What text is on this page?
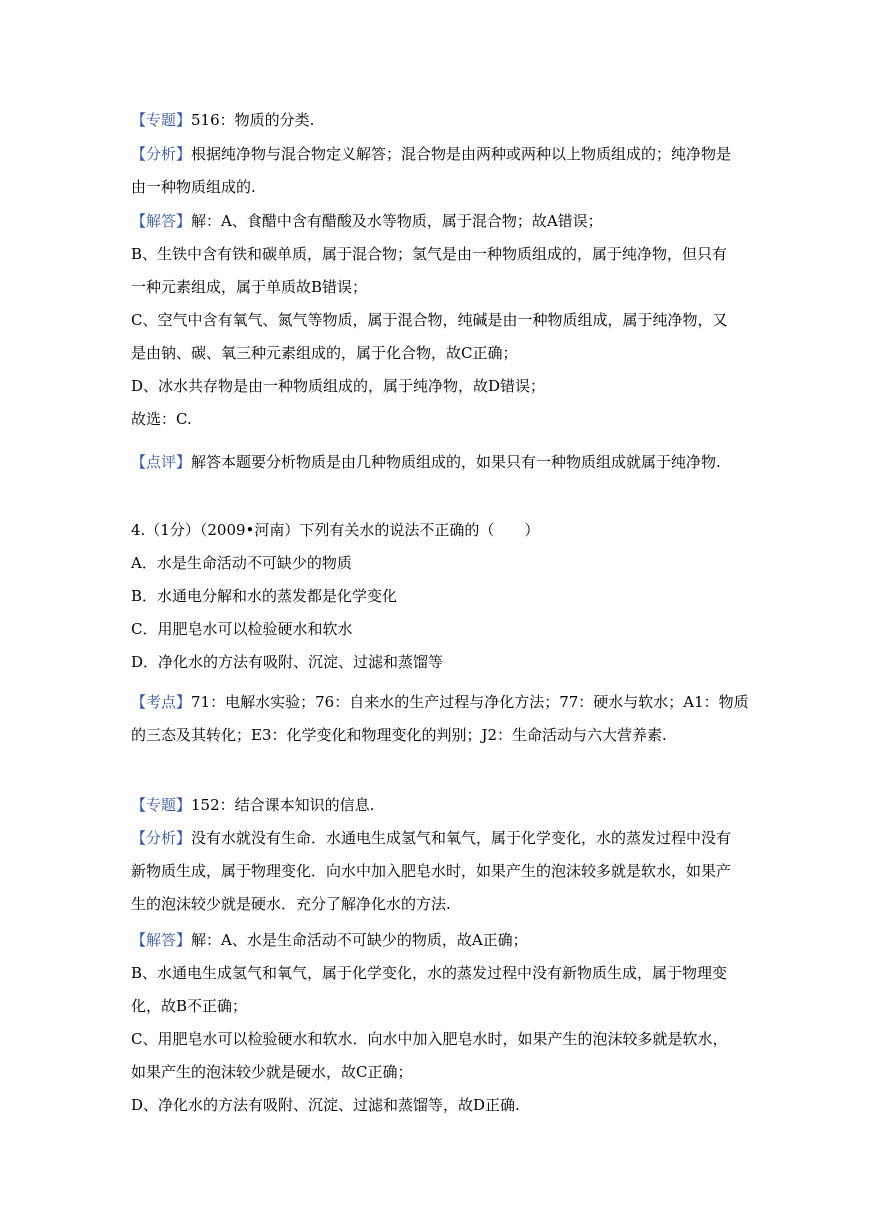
【专题】516：物质的分类.
【分析】根据纯净物与混合物定义解答；混合物是由两种或两种以上物质组成的；纯净物是
由一种物质组成的.
【解答】解：A、食醋中含有醋酸及水等物质，属于混合物；故A错误；
B、生铁中含有铁和碳单质，属于混合物；氢气是由一种物质组成的，属于纯净物，但只有
一种元素组成，属于单质故B错误；
C、空气中含有氧气、氮气等物质，属于混合物，纯碱是由一种物质组成，属于纯净物，又
是由钠、碳、氧三种元素组成的，属于化合物，故C正确；
D、冰水共存物是由一种物质组成的，属于纯净物，故D错误；
故选：C.
【点评】解答本题要分析物质是由几种物质组成的，如果只有一种物质组成就属于纯净物.
4.（1分）（2009•河南）下列有关水的说法不正确的（　　）
A．水是生命活动不可缺少的物质
B．水通电分解和水的蒸发都是化学变化
C．用肥皂水可以检验硬水和软水
D．净化水的方法有吸附、沉淀、过滤和蒸馏等
【考点】71：电解水实验；76：自来水的生产过程与净化方法；77：硬水与软水；A1：物质
的三态及其转化；E3：化学变化和物理变化的判别；J2：生命活动与六大营养素.
【专题】152：结合课本知识的信息.
【分析】没有水就没有生命．水通电生成氢气和氧气，属于化学变化，水的蒸发过程中没有
新物质生成，属于物理变化．向水中加入肥皂水时，如果产生的泡沫较多就是软水，如果产
生的泡沫较少就是硬水．充分了解净化水的方法.
【解答】解：A、水是生命活动不可缺少的物质，故A正确；
B、水通电生成氢气和氧气，属于化学变化，水的蒸发过程中没有新物质生成，属于物理变
化，故B不正确；
C、用肥皂水可以检验硬水和软水．向水中加入肥皂水时，如果产生的泡沫较多就是软水，
如果产生的泡沫较少就是硬水，故C正确；
D、净化水的方法有吸附、沉淀、过滤和蒸馏等，故D正确.
